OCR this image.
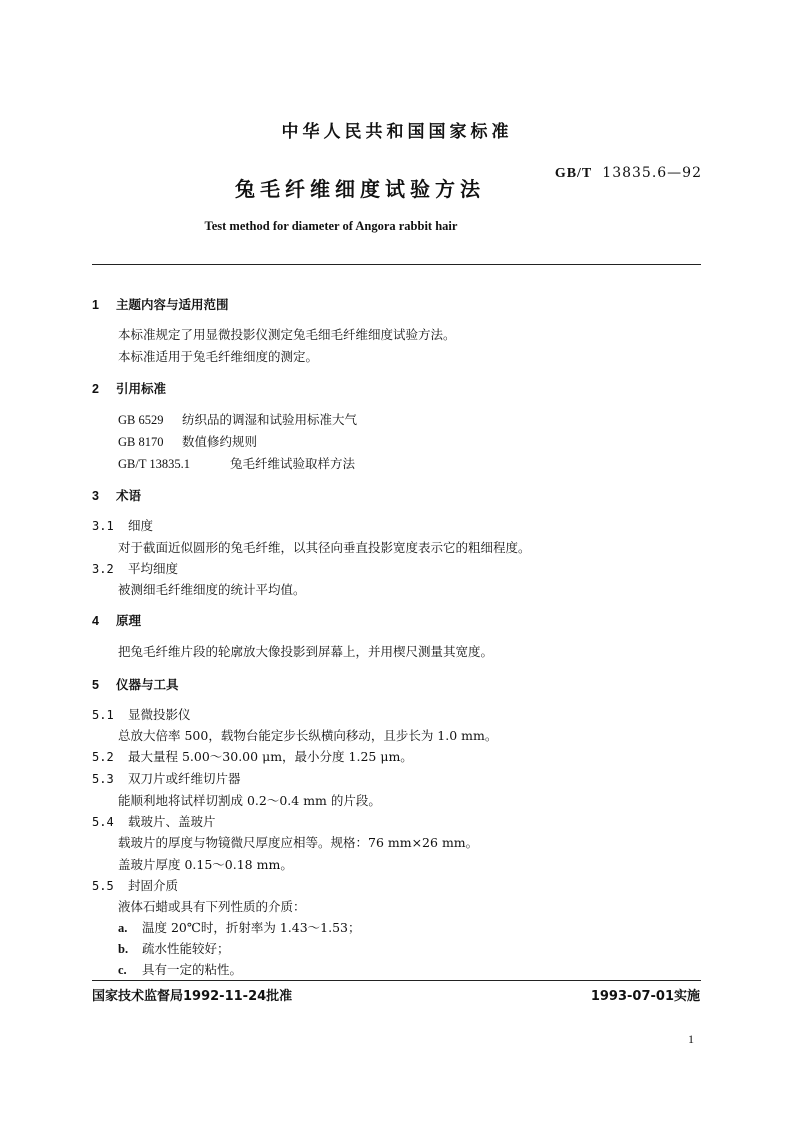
中华人民共和国国家标准
GB/T 13835.6—92
兔毛纤维细度试验方法
Test method for diameter of Angora rabbit hair
1 主题内容与适用范围
本标准规定了用显微投影仪测定兔毛细毛纤维细度试验方法。
本标准适用于兔毛纤维细度的测定。
2 引用标准
GB 6529 纺织品的调湿和试验用标准大气
GB 8170 数值修约规则
GB/T 13835.1	兔毛纤维试验取样方法
3 术语
3.1 细度
对于截面近似圆形的兔毛纤维，以其径向垂直投影宽度表示它的粗细程度。
3.2 平均细度
被测细毛纤维细度的统计平均值。
4 原理
把兔毛纤维片段的轮廓放大像投影到屏幕上，并用楔尺测量其宽度。
5 仪器与工具
5.1 显微投影仪
总放大倍率 500，载物台能定步长纵横向移动，且步长为 1.0 mm。
5.2 最大量程 5.00～30.00 μm，最小分度 1.25 μm。
5.3 双刀片或纤维切片器
能顺利地将试样切割成 0.2～0.4 mm 的片段。
5.4 载玻片、盖玻片
载玻片的厚度与物镜微尺厚度应相等。规格：76 mm×26 mm。
盖玻片厚度 0.15～0.18 mm。
5.5 封固介质
液体石蜡或具有下列性质的介质：
a. 温度 20℃时，折射率为 1.43～1.53；
b. 疏水性能较好；
c. 具有一定的粘性。
国家技术监督局1992-11-24批准	1993-07-01实施
1
